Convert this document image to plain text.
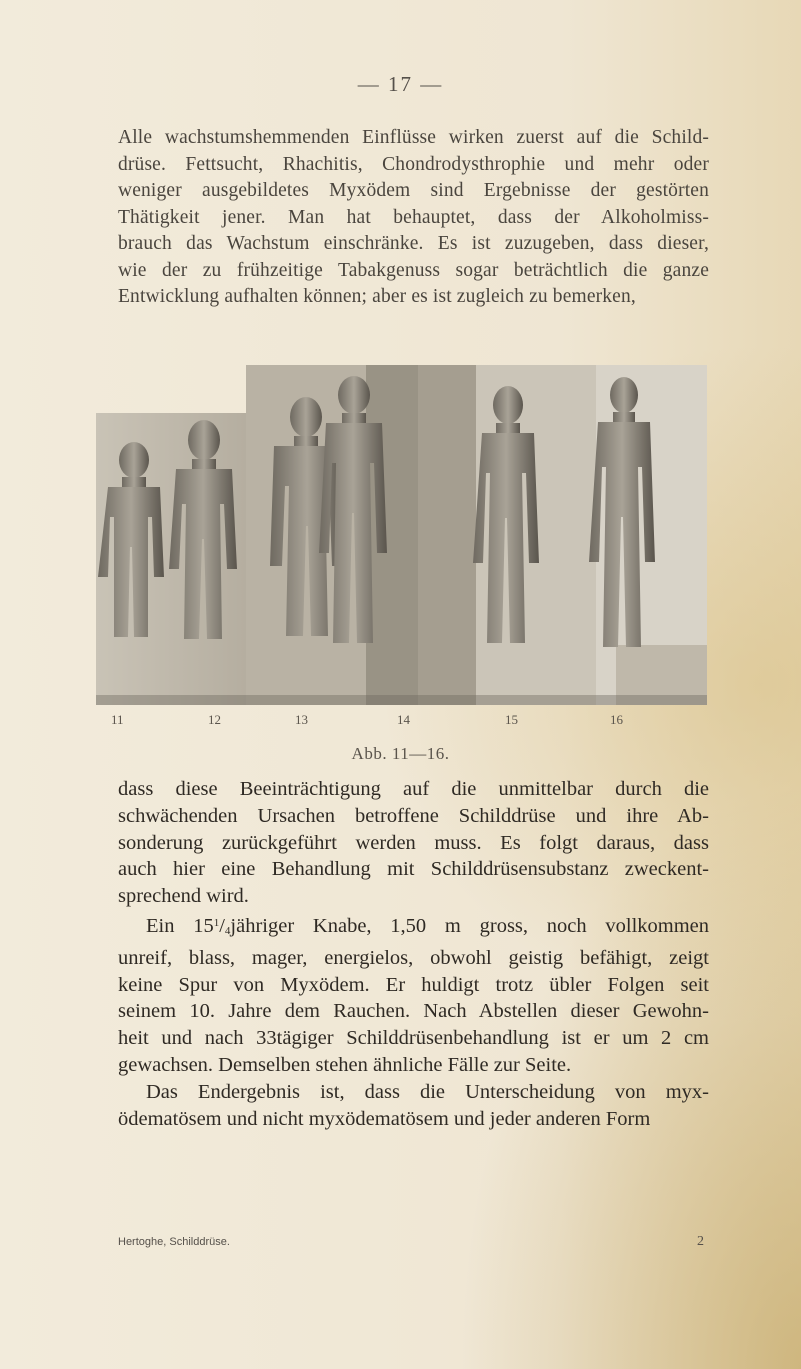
— 17 —
Alle wachstumshemmenden Einflüsse wirken zuerst auf die Schild-
drüse. Fettsucht, Rhachitis, Chondrodysthrophie und mehr oder
weniger ausgebildetes Myxödem sind Ergebnisse der gestörten
Thätigkeit jener. Man hat behauptet, dass der Alkoholmiss-
brauch das Wachstum einschränke. Es ist zuzugeben, dass dieser,
wie der zu frühzeitige Tabakgenuss sogar beträchtlich die ganze
Entwicklung aufhalten können; aber es ist zugleich zu bemerken,
11	12	13	14	15	16
Abb. 11—16.
dass diese Beeinträchtigung auf die unmittelbar durch die
schwächenden Ursachen betroffene Schilddrüse und ihre Ab-
sonderung zurückgeführt werden muss. Es folgt daraus, dass
auch hier eine Behandlung mit Schilddrüsensubstanz zweckent-
sprechend wird.
Ein $15^1/_4jähriger$ Knabe, 1,50 m gross, noch vollkommen
unreif, blass, mager, energielos, obwohl geistig befähigt, zeigt
keine Spur von Myxödem. Er huldigt trotz übler Folgen seit
seinem 10. Jahre dem Rauchen. Nach Abstellen dieser Gewohn-
heit und nach 33tägiger Schilddrüsenbehandlung ist er um 2 cm
gewachsen. Demselben stehen ähnliche Fälle zur Seite.
Das Endergebnis ist, dass die Unterscheidung von myx-
ödematösem und nicht myxödematösem und jeder anderen Form
Hertoghe, Schilddrüse.	2
